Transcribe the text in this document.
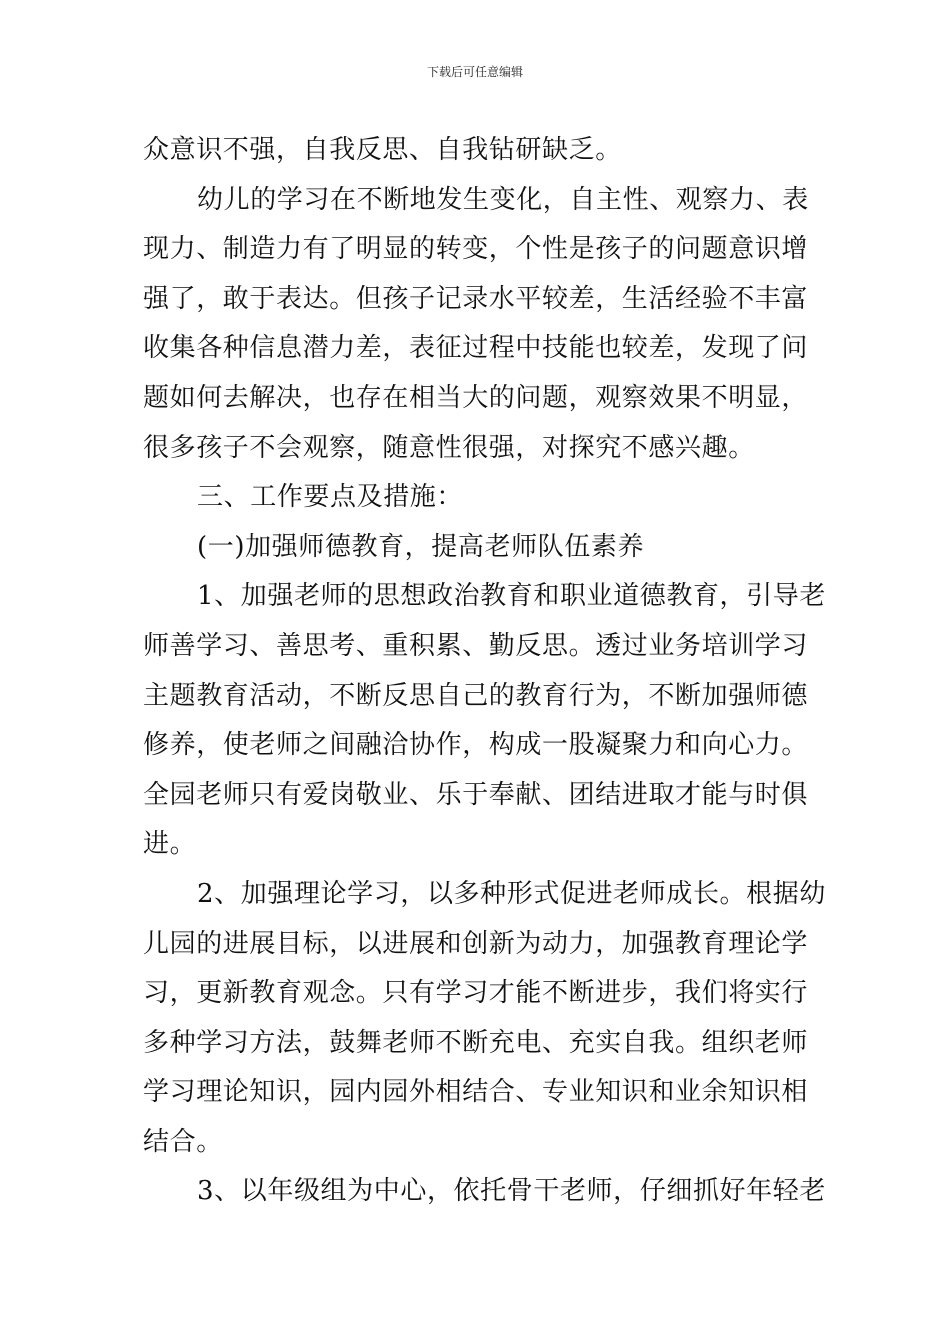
下载后可任意编辑

众意识不强，自我反思、自我钻研缺乏。

幼儿的学习在不断地发生变化，自主性、观察力、表
现力、制造力有了明显的转变，个性是孩子的问题意识增
强了，敢于表达。但孩子记录水平较差，生活经验不丰富
收集各种信息潜力差，表征过程中技能也较差，发现了问
题如何去解决，也存在相当大的问题，观察效果不明显，
很多孩子不会观察，随意性很强，对探究不感兴趣。

三、工作要点及措施：

(一)加强师德教育，提高老师队伍素养

1、加强老师的思想政治教育和职业道德教育，引导老
师善学习、善思考、重积累、勤反思。透过业务培训学习
主题教育活动，不断反思自己的教育行为，不断加强师德
修养，使老师之间融洽协作，构成一股凝聚力和向心力。
全园老师只有爱岗敬业、乐于奉献、团结进取才能与时俱
进。

2、加强理论学习，以多种形式促进老师成长。根据幼
儿园的进展目标，以进展和创新为动力，加强教育理论学
习，更新教育观念。只有学习才能不断进步，我们将实行
多种学习方法，鼓舞老师不断充电、充实自我。组织老师
学习理论知识，园内园外相结合、专业知识和业余知识相
结合。

3、以年级组为中心，依托骨干老师，仔细抓好年轻老
